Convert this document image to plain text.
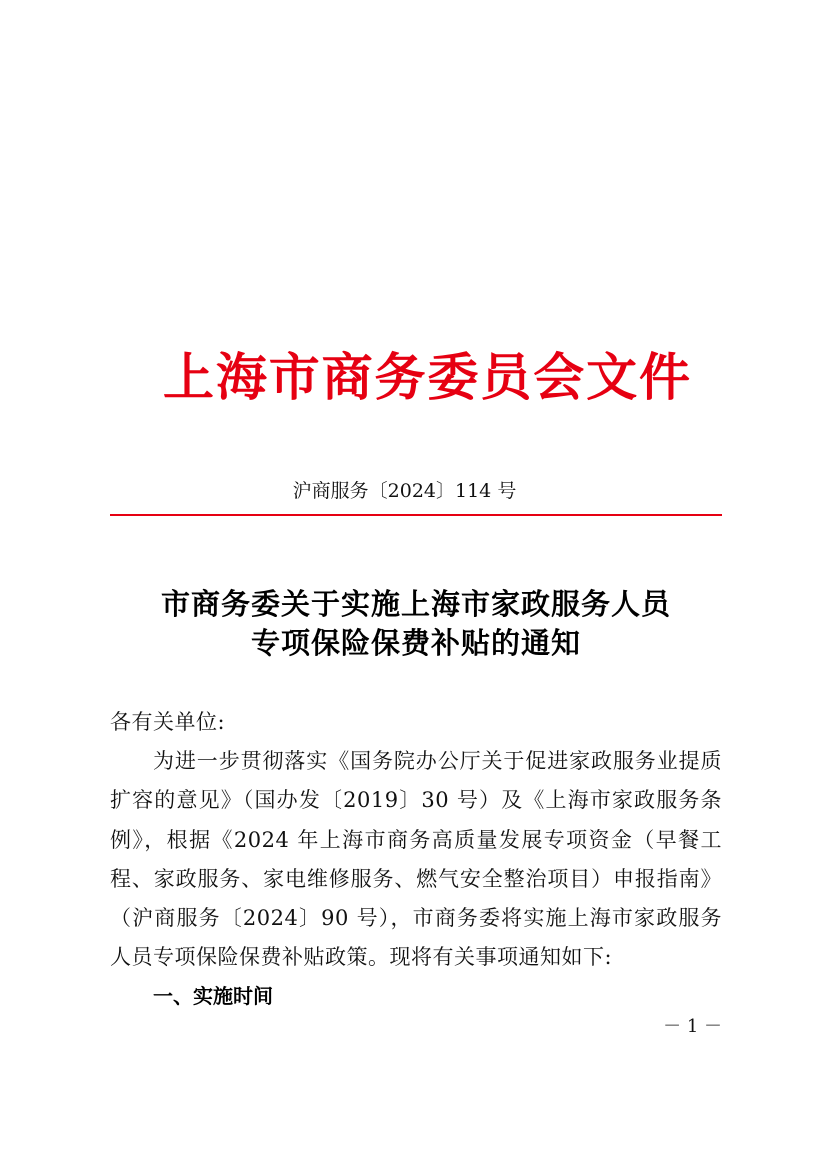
上海市商务委员会文件
沪商服务〔2024〕114 号
市商务委关于实施上海市家政服务人员
专项保险保费补贴的通知
各有关单位:
为进一步贯彻落实《国务院办公厅关于促进家政服务业提质
扩容的意见》（国办发〔2019〕30 号）及《上海市家政服务条
例》，根据《2024 年上海市商务高质量发展专项资金（早餐工
程、家政服务、家电维修服务、燃气安全整治项目）申报指南》
（沪商服务〔2024〕90 号），市商务委将实施上海市家政服务
人员专项保险保费补贴政策。现将有关事项通知如下:
一、实施时间
－ 1 －
